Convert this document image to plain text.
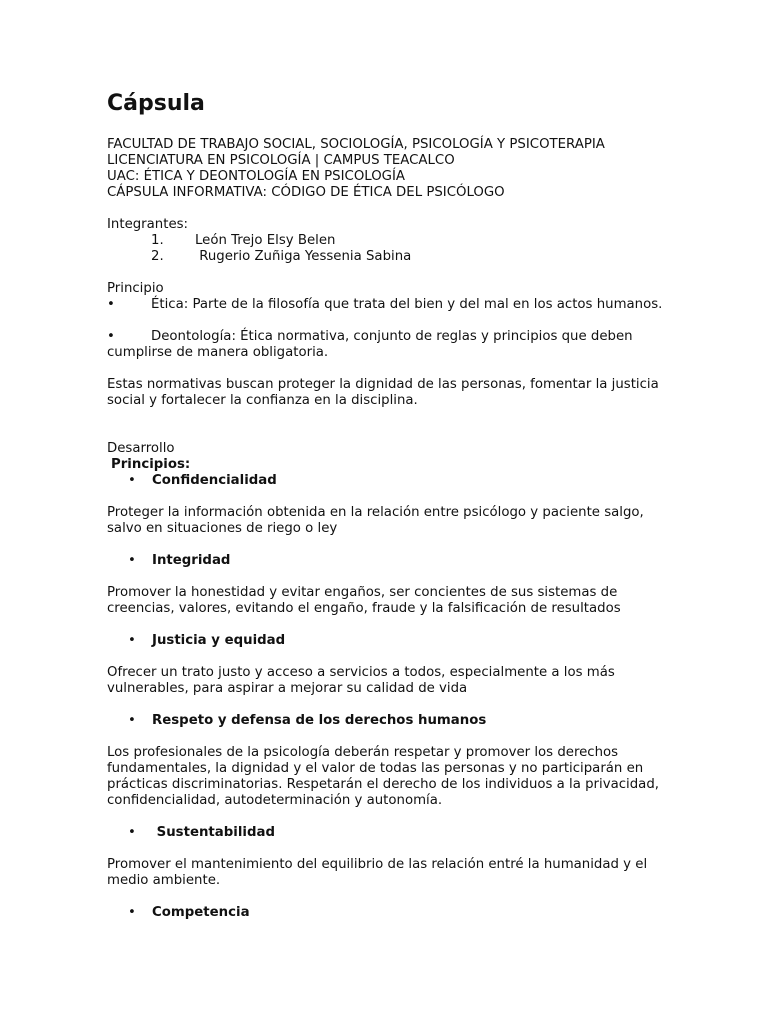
Cápsula
FACULTAD DE TRABAJO SOCIAL, SOCIOLOGÍA, PSICOLOGÍA Y PSICOTERAPIA
LICENCIATURA EN PSICOLOGÍA | CAMPUS TEACALCO
UAC: ÉTICA Y DEONTOLOGÍA EN PSICOLOGÍA
CÁPSULA INFORMATIVA: CÓDIGO DE ÉTICA DEL PSICÓLOGO
Integrantes:
1.	León Trejo Elsy Belen
2.	Rugerio Zuñiga Yessenia Sabina
Principio
•	Ética: Parte de la filosofía que trata del bien y del mal en los actos humanos.
•	Deontología: Ética normativa, conjunto de reglas y principios que deben
cumplirse de manera obligatoria.
Estas normativas buscan proteger la dignidad de las personas, fomentar la justicia
social y fortalecer la confianza en la disciplina.
Desarrollo
Principios:
•	Confidencialidad
Proteger la información obtenida en la relación entre psicólogo y paciente salgo,
salvo en situaciones de riego o ley
•	Integridad
Promover la honestidad y evitar engaños, ser concientes de sus sistemas de
creencias, valores, evitando el engaño, fraude y la falsificación de resultados
•	Justicia y equidad
Ofrecer un trato justo y acceso a servicios a todos, especialmente a los más
vulnerables, para aspirar a mejorar su calidad de vida
•	Respeto y defensa de los derechos humanos
Los profesionales de la psicología deberán respetar y promover los derechos
fundamentales, la dignidad y el valor de todas las personas y no participarán en
prácticas discriminatorias. Respetarán el derecho de los individuos a la privacidad,
confidencialidad, autodeterminación y autonomía.
•	Sustentabilidad
Promover el mantenimiento del equilibrio de las relación entré la humanidad y el
medio ambiente.
•	Competencia
